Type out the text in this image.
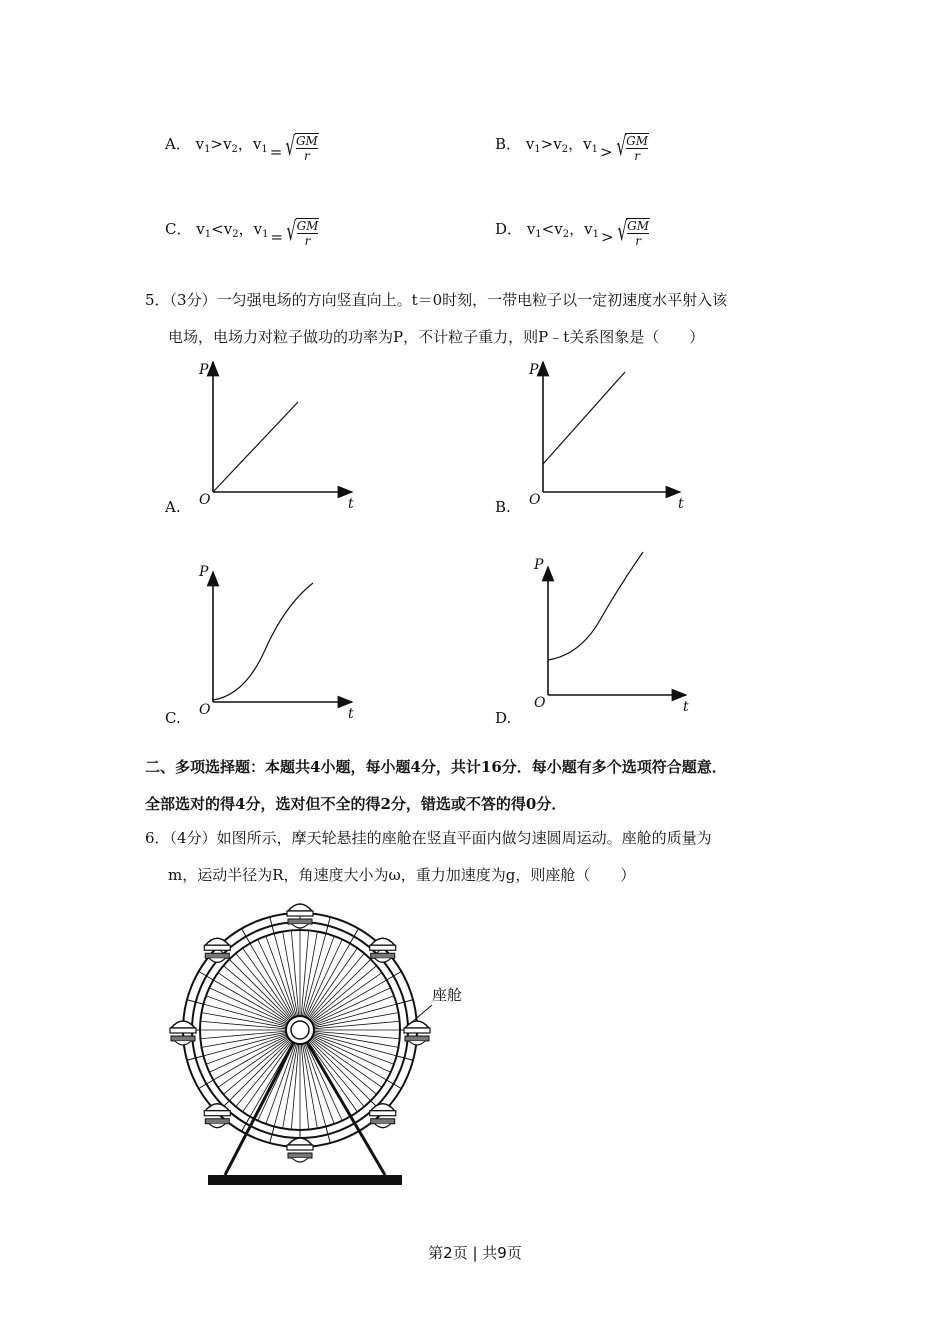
A．
$v_1>v_2$，$v_1$ = √ $\frac{GM}{r}$	B．
$v_1>v_2$，$v_1$ > √ $\frac{GM}{r}$
C．
$v_1<v_2$，$v_1$ = √ $\frac{GM}{r}$	D．
$v_1<v_2$，$v_1$ > √ $\frac{GM}{r}$
5．（3分）一匀强电场的方向竖直向上。t＝0时刻，一带电粒子以一定初速度水平射入该
电场，电场力对粒子做功的功率为P，不计粒子重力，则P﹣t关系图象是（　　）
P
O	t
A.
P
O	t
B.
P
O	t
C.
P
O	t
D.
二、多项选择题：本题共4小题，每小题4分，共计16分．每小题有多个选项符合题意．
全部选对的得4分，选对但不全的得2分，错选或不答的得0分．
6．（4分）如图所示，摩天轮悬挂的座舱在竖直平面内做匀速圆周运动。座舱的质量为
m，运动半径为R，角速度大小为ω，重力加速度为g，则座舱（　　）
座舱
第2页 | 共9页
